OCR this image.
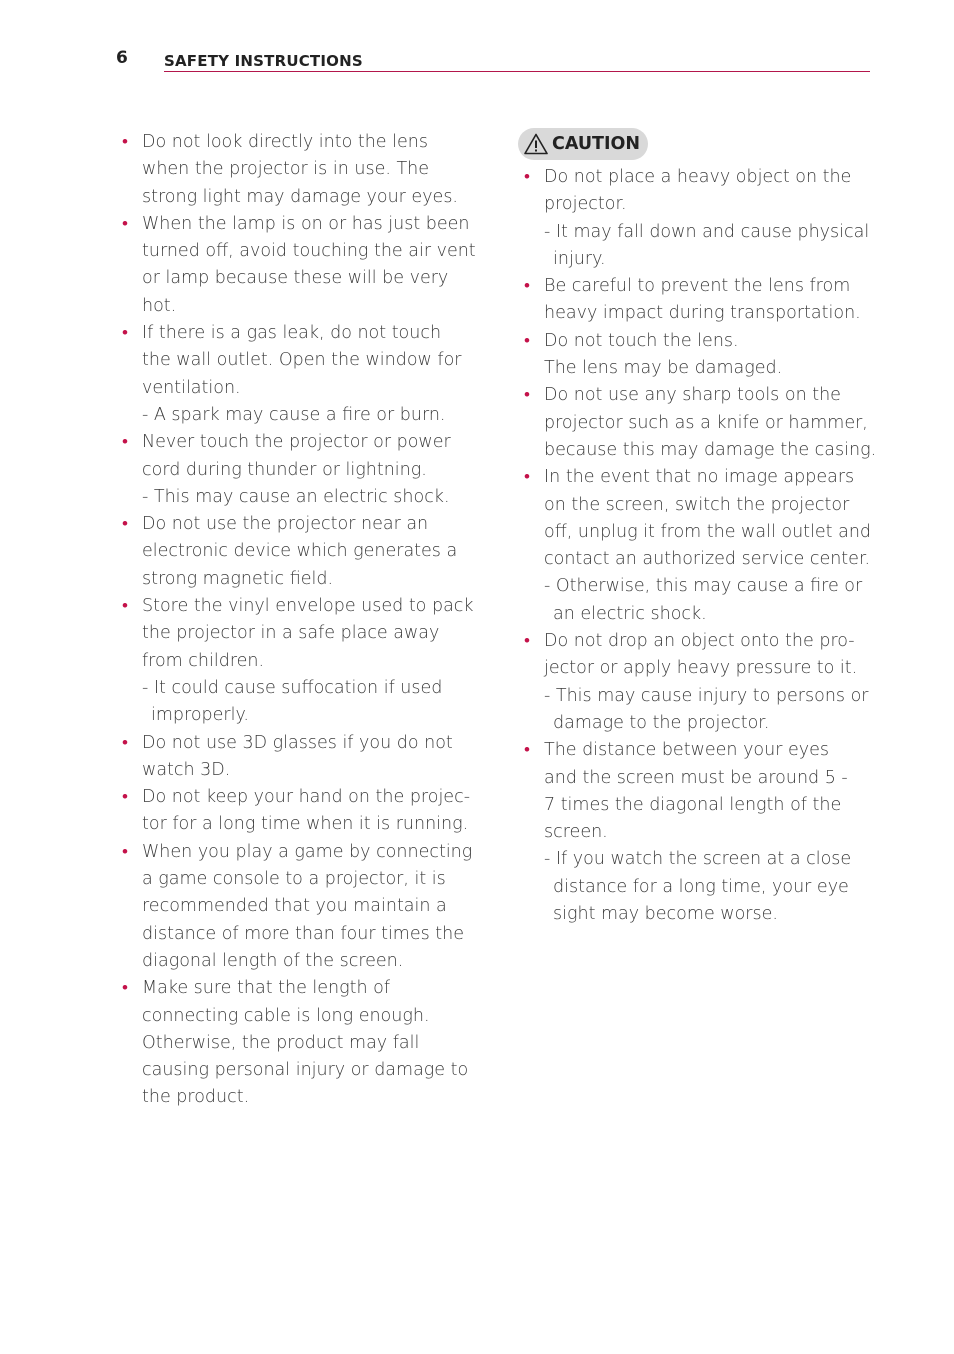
6 SAFETY INSTRUCTIONS
• Do not look directly into the lens
when the projector is in use. The
strong light may damage your eyes.
• When the lamp is on or has just been
turned off, avoid touching the air vent
or lamp because these will be very
hot.
• If there is a gas leak, do not touch
the wall outlet. Open the window for
ventilation.
- A spark may cause a fire or burn.
• Never touch the projector or power
cord during thunder or lightning.
- This may cause an electric shock.
• Do not use the projector near an
electronic device which generates a
strong magnetic field.
• Store the vinyl envelope used to pack
the projector in a safe place away
from children.
- It could cause suffocation if used
improperly.
• Do not use 3D glasses if you do not
watch 3D.
• Do not keep your hand on the projec-
tor for a long time when it is running.
• When you play a game by connecting
a game console to a projector, it is
recommended that you maintain a
distance of more than four times the
diagonal length of the screen.
• Make sure that the length of
connecting cable is long enough.
Otherwise, the product may fall
causing personal injury or damage to
the product.
CAUTION
• Do not place a heavy object on the
projector.
- It may fall down and cause physical
injury.
• Be careful to prevent the lens from
heavy impact during transportation.
• Do not touch the lens.
The lens may be damaged.
• Do not use any sharp tools on the
projector such as a knife or hammer,
because this may damage the casing.
• In the event that no image appears
on the screen, switch the projector
off, unplug it from the wall outlet and
contact an authorized service center.
- Otherwise, this may cause a fire or
an electric shock.
• Do not drop an object onto the pro-
jector or apply heavy pressure to it.
- This may cause injury to persons or
damage to the projector.
• The distance between your eyes
and the screen must be around 5 -
7 times the diagonal length of the
screen.
- If you watch the screen at a close
distance for a long time, your eye
sight may become worse.
